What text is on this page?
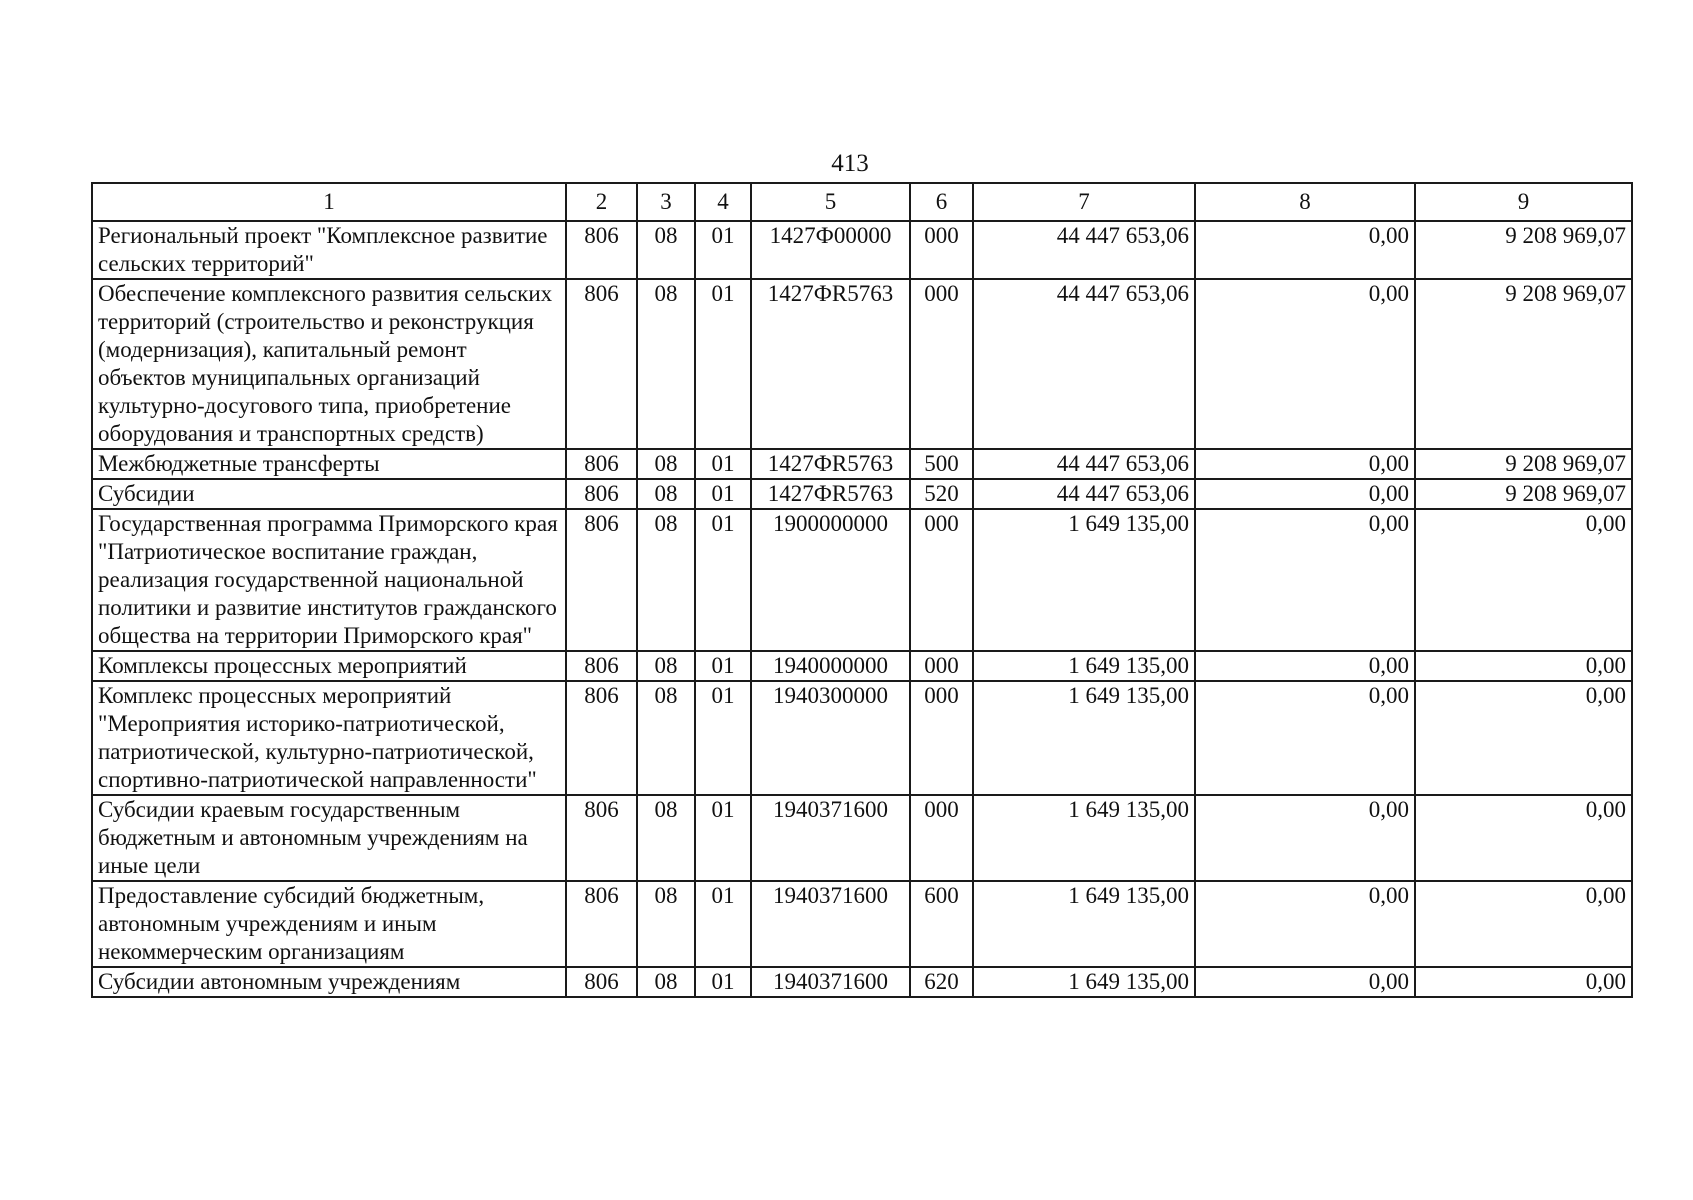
413
1	2	3	4	5	6	7	8	9
Региональный проект "Комплексное развитие сельских территорий"	806	08	01	1427Ф00000	000	44 447 653,06	0,00	9 208 969,07
Обеспечение комплексного развития сельских территорий (строительство и реконструкция (модернизация), капитальный ремонт объектов муниципальных организаций культурно-досугового типа, приобретение оборудования и транспортных средств)	806	08	01	1427ФR5763	000	44 447 653,06	0,00	9 208 969,07
Межбюджетные трансферты	806	08	01	1427ФR5763	500	44 447 653,06	0,00	9 208 969,07
Субсидии	806	08	01	1427ФR5763	520	44 447 653,06	0,00	9 208 969,07
Государственная программа Приморского края "Патриотическое воспитание граждан, реализация государственной национальной политики и развитие институтов гражданского общества на территории Приморского края"	806	08	01	1900000000	000	1 649 135,00	0,00	0,00
Комплексы процессных мероприятий	806	08	01	1940000000	000	1 649 135,00	0,00	0,00
Комплекс процессных мероприятий "Мероприятия историко-патриотической, патриотической, культурно-патриотической, спортивно-патриотической направленности"	806	08	01	1940300000	000	1 649 135,00	0,00	0,00
Субсидии краевым государственным бюджетным и автономным учреждениям на иные цели	806	08	01	1940371600	000	1 649 135,00	0,00	0,00
Предоставление субсидий бюджетным, автономным учреждениям и иным некоммерческим организациям	806	08	01	1940371600	600	1 649 135,00	0,00	0,00
Субсидии автономным учреждениям	806	08	01	1940371600	620	1 649 135,00	0,00	0,00
